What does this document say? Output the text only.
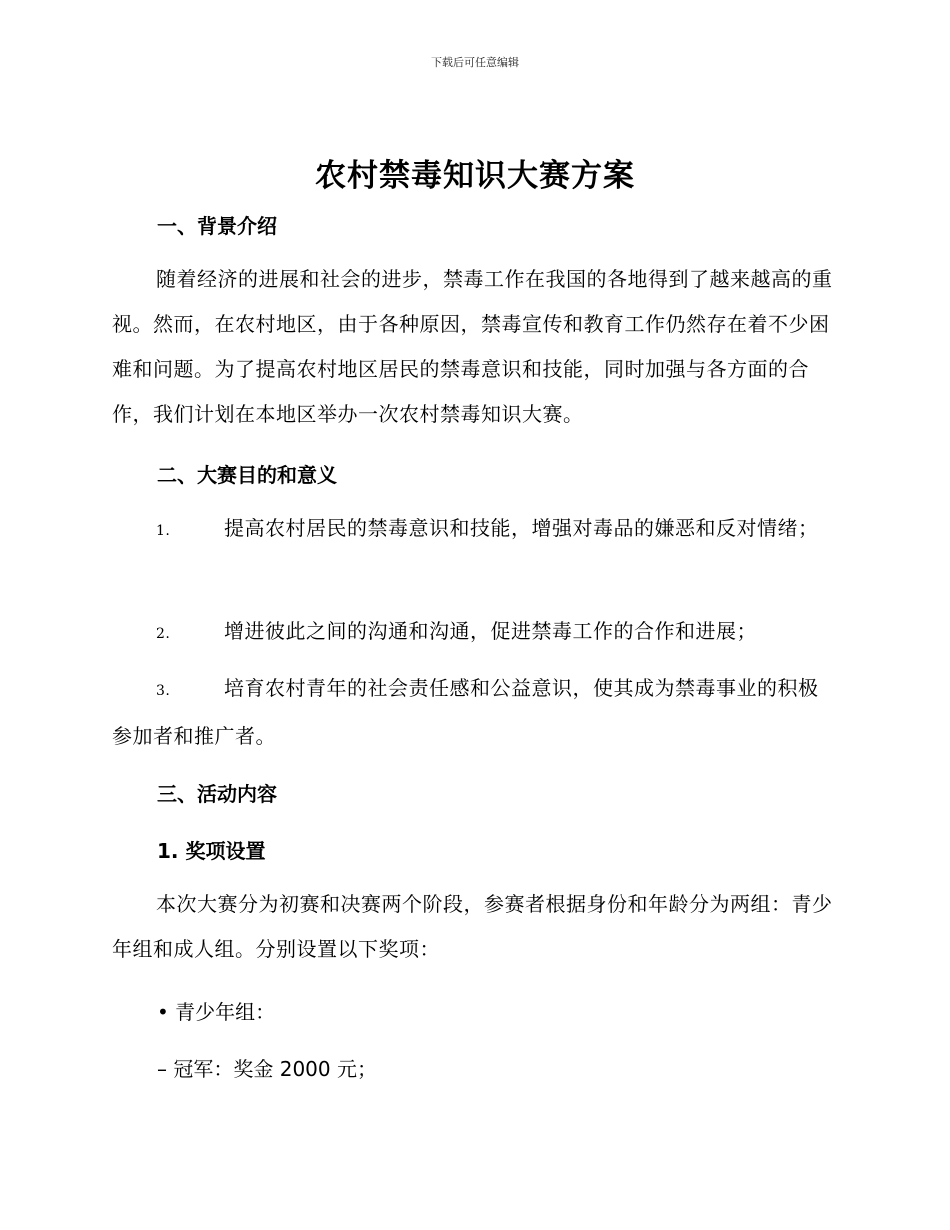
下载后可任意编辑
农村禁毒知识大赛方案
一、背景介绍

随着经济的进展和社会的进步，禁毒工作在我国的各地得到了越来越高的重视。然而，在农村地区，由于各种原因，禁毒宣传和教育工作仍然存在着不少困难和问题。为了提高农村地区居民的禁毒意识和技能，同时加强与各方面的合作，我们计划在本地区举办一次农村禁毒知识大赛。

二、大赛目的和意义
1.	提高农村居民的禁毒意识和技能，增强对毒品的嫌恶和反对情绪；
2.	增进彼此之间的沟通和沟通，促进禁毒工作的合作和进展；
3.	培育农村青年的社会责任感和公益意识，使其成为禁毒事业的积极参加者和推广者。
三、活动内容
1. 奖项设置

本次大赛分为初赛和决赛两个阶段，参赛者根据身份和年龄分为两组：青少年组和成人组。分别设置以下奖项：

• 青少年组：
– 冠军：奖金 2000 元；
